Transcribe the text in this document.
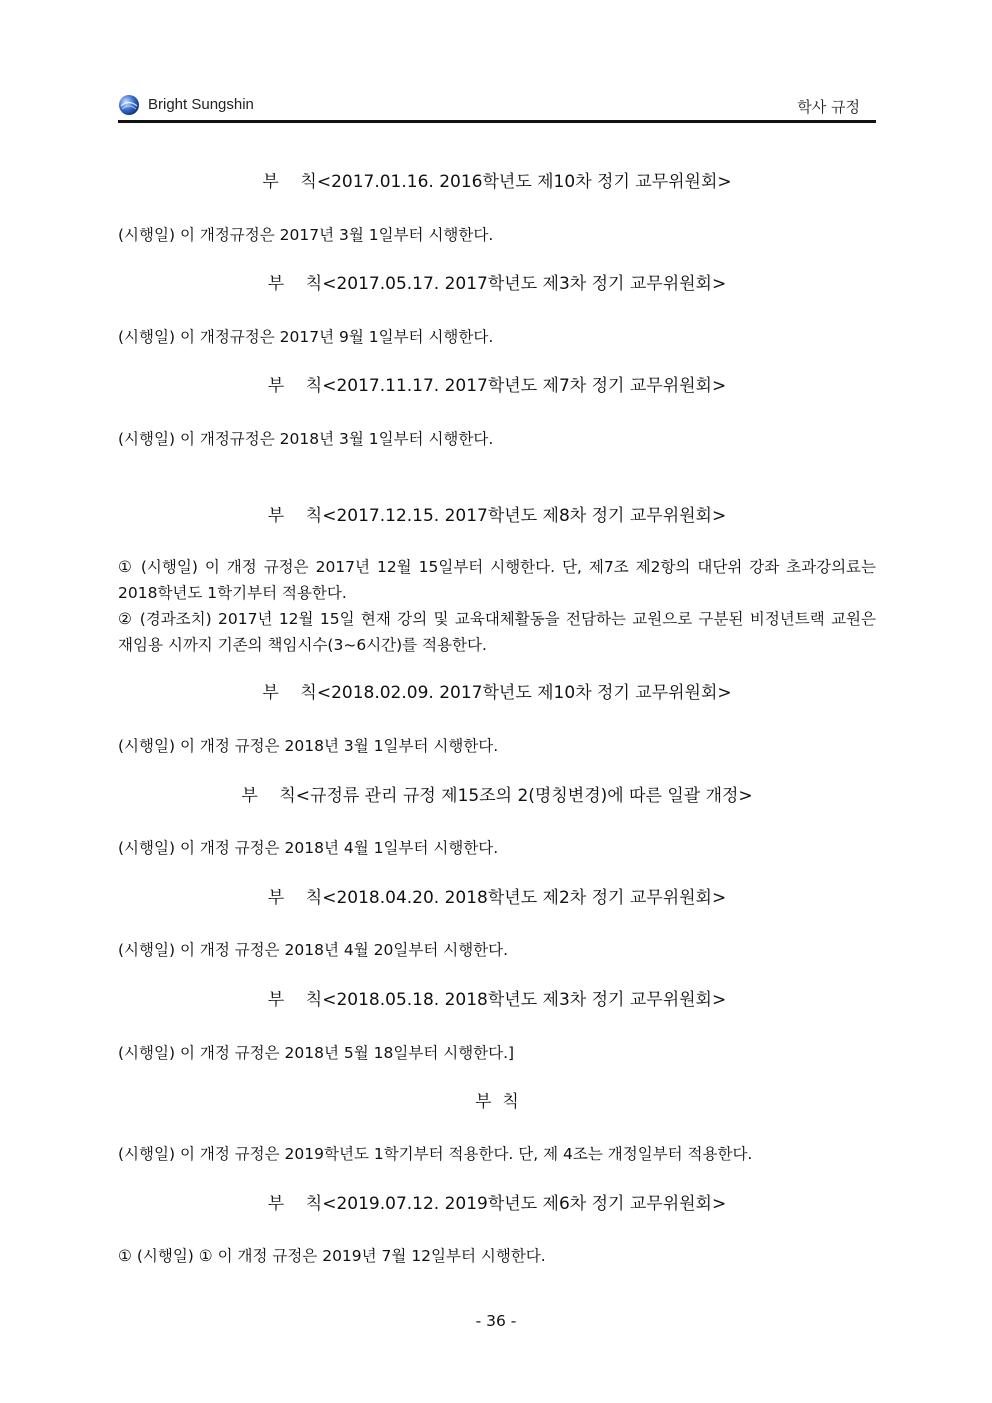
Bright Sungshin	학사 규정
부    칙<2017.01.16. 2016학년도 제10차 정기 교무위원회>
(시행일) 이 개정규정은 2017년 3월 1일부터 시행한다.
부    칙<2017.05.17. 2017학년도 제3차 정기 교무위원회>
(시행일) 이 개정규정은 2017년 9월 1일부터 시행한다.
부    칙<2017.11.17. 2017학년도 제7차 정기 교무위원회>
(시행일) 이 개정규정은 2018년 3월 1일부터 시행한다.
부    칙<2017.12.15. 2017학년도 제8차 정기 교무위원회>
① (시행일) 이 개정 규정은 2017년 12월 15일부터 시행한다. 단, 제7조 제2항의 대단위 강좌 초과강의료는 2018학년도 1학기부터 적용한다.
② (경과조치) 2017년 12월 15일 현재 강의 및 교육대체활동을 전담하는 교원으로 구분된 비정년트랙 교원은 재임용 시까지 기존의 책임시수(3~6시간)를 적용한다.
부    칙<2018.02.09. 2017학년도 제10차 정기 교무위원회>
(시행일) 이 개정 규정은 2018년 3월 1일부터 시행한다.
부    칙<규정류 관리 규정 제15조의 2(명칭변경)에 따른 일괄 개정>
(시행일) 이 개정 규정은 2018년 4월 1일부터 시행한다.
부    칙<2018.04.20. 2018학년도 제2차 정기 교무위원회>
(시행일) 이 개정 규정은 2018년 4월 20일부터 시행한다.
부    칙<2018.05.18. 2018학년도 제3차 정기 교무위원회>
(시행일) 이 개정 규정은 2018년 5월 18일부터 시행한다.]
부  칙
(시행일) 이 개정 규정은 2019학년도 1학기부터 적용한다. 단, 제 4조는 개정일부터 적용한다.
부    칙<2019.07.12. 2019학년도 제6차 정기 교무위원회>
① (시행일) ① 이 개정 규정은 2019년 7월 12일부터 시행한다.
- 36 -
